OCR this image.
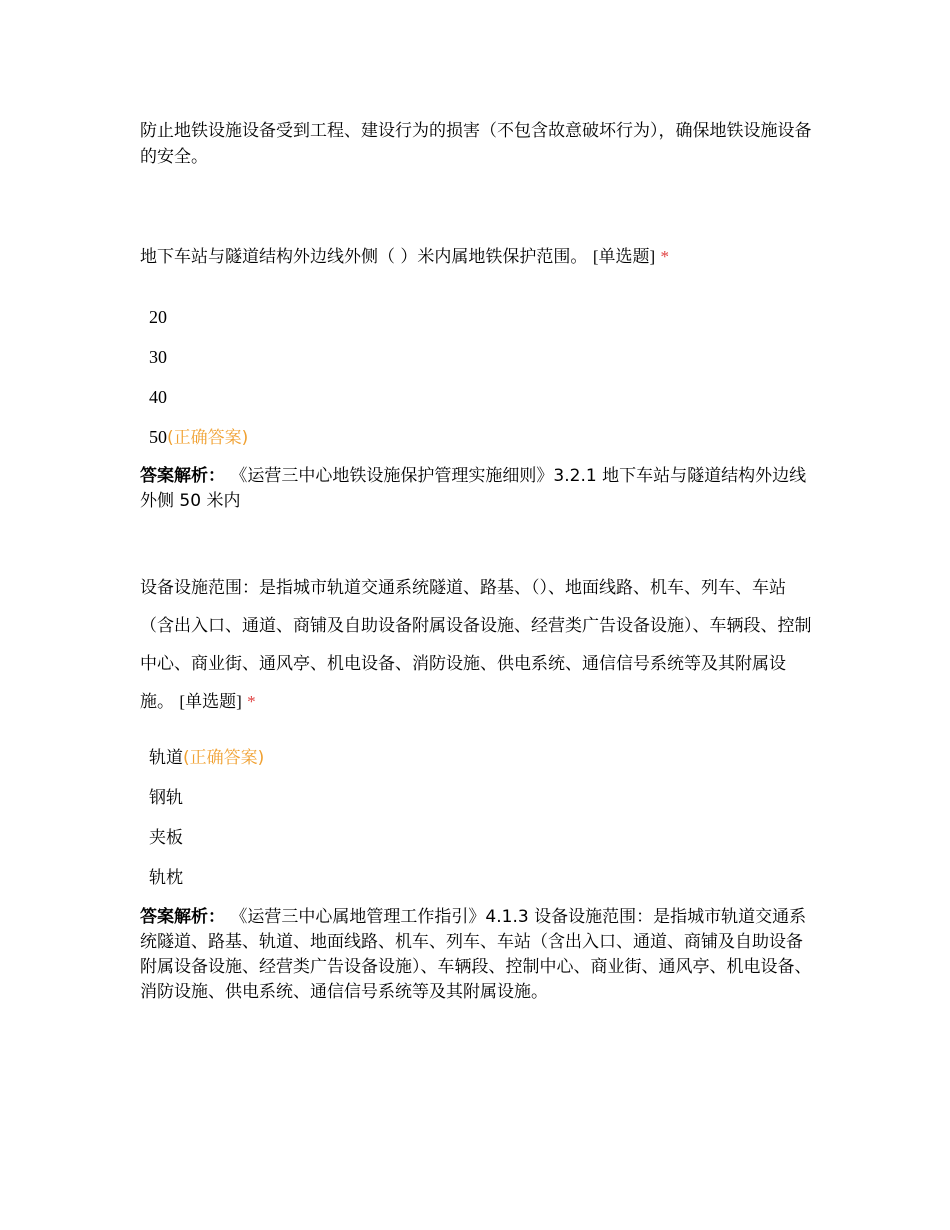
防止地铁设施设备受到工程、建设行为的损害（不包含故意破坏行为），确保地铁设施设备的安全。

地下车站与隧道结构外边线外侧（ ）米内属地铁保护范围。 [单选题] *

20
30
40
50(正确答案)

答案解析： 《运营三中心地铁设施保护管理实施细则》3.2.1 地下车站与隧道结构外边线外侧 50 米内

设备设施范围：是指城市轨道交通系统隧道、路基、（）、地面线路、机车、列车、车站（含出入口、通道、商铺及自助设备附属设备设施、经营类广告设备设施）、车辆段、控制中心、商业街、通风亭、机电设备、消防设施、供电系统、通信信号系统等及其附属设施。 [单选题] *

轨道(正确答案)
钢轨
夹板
轨枕

答案解析： 《运营三中心属地管理工作指引》4.1.3 设备设施范围：是指城市轨道交通系统隧道、路基、轨道、地面线路、机车、列车、车站（含出入口、通道、商铺及自助设备附属设备设施、经营类广告设备设施）、车辆段、控制中心、商业街、通风亭、机电设备、消防设施、供电系统、通信信号系统等及其附属设施。
